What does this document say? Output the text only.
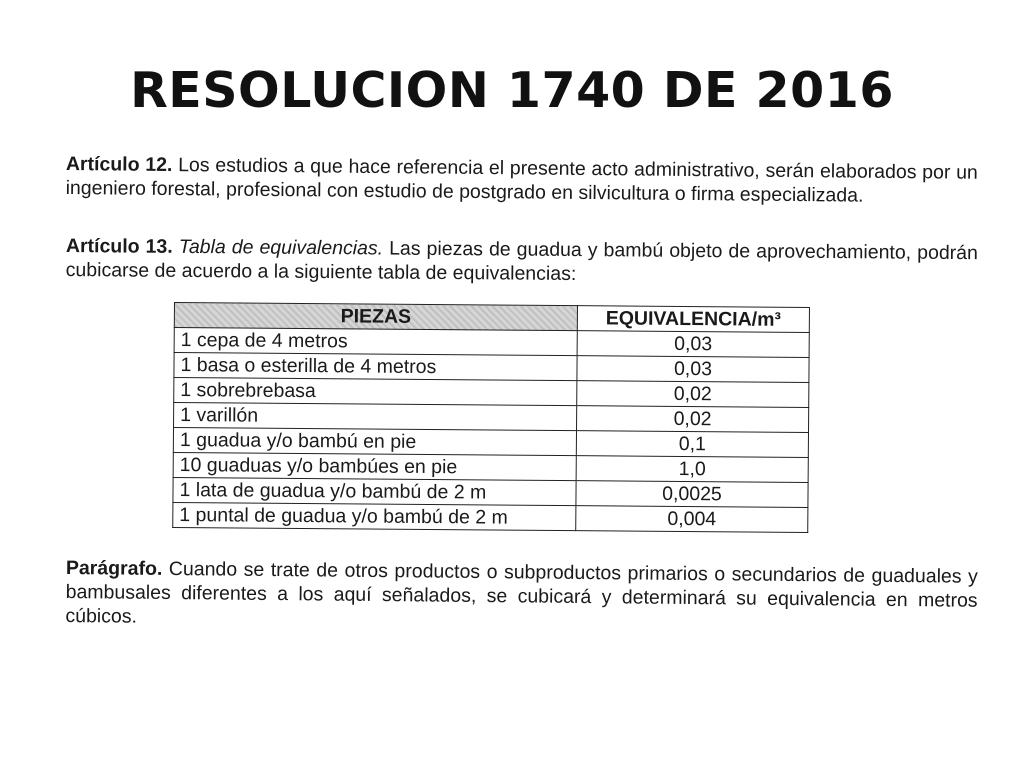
RESOLUCION 1740 DE 2016

Artículo 12. Los estudios a que hace referencia el presente acto administrativo, serán elaborados por un ingeniero forestal, profesional con estudio de postgrado en silvicultura o firma especializada.

Artículo 13. Tabla de equivalencias. Las piezas de guadua y bambú objeto de aprovechamiento, podrán cubicarse de acuerdo a la siguiente tabla de equivalencias:

PIEZAS	EQUIVALENCIA/m³
1 cepa de 4 metros	0,03
1 basa o esterilla de 4 metros	0,03
1 sobrebrebasa	0,02
1 varillón	0,02
1 guadua y/o bambú en pie	0,1
10 guaduas y/o bambúes en pie	1,0
1 lata de guadua y/o bambú de 2 m	0,0025
1 puntal de guadua y/o bambú de 2 m	0,004

Parágrafo. Cuando se trate de otros productos o subproductos primarios o secundarios de guaduales y bambusales diferentes a los aquí señalados, se cubicará y determinará su equivalencia en metros cúbicos.
